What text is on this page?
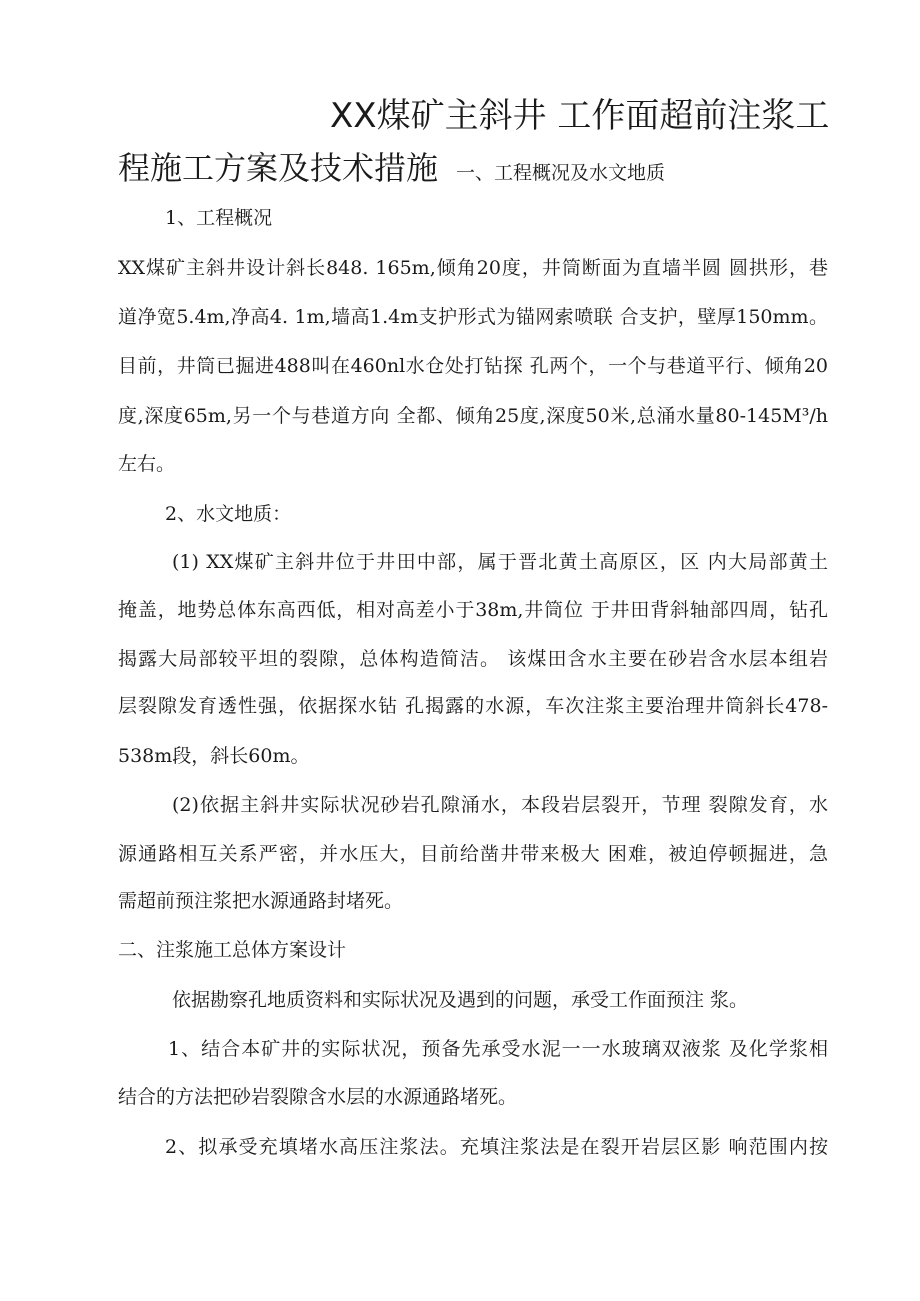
XX煤矿主斜井 工作面超前注浆工
程施工方案及技术措施 一、工程概况及水文地质
1、工程概况
XX煤矿主斜井设计斜长848. 165m,倾角20度，井筒断面为直墙半圆 圆拱形，巷
道净宽5.4m,净高4. 1m,墙高1.4m支护形式为锚网索喷联 合支护，壁厚150mm。
目前，井筒已掘进488叫在460nl水仓处打钻探 孔两个，一个与巷道平行、倾角20
度,深度65m,另一个与巷道方向 全都、倾角25度,深度50米,总涌水量80-145M³/h
左右。
2、水文地质：
(1) XX煤矿主斜井位于井田中部，属于晋北黄土高原区，区 内大局部黄土
掩盖，地势总体东高西低，相对高差小于38m,井筒位 于井田背斜轴部四周，钻孔
揭露大局部较平坦的裂隙，总体构造简洁。 该煤田含水主要在砂岩含水层本组岩
层裂隙发育透性强，依据探水钻 孔揭露的水源，车次注浆主要治理井筒斜长478-
538m段，斜长60m。
(2)依据主斜井实际状况砂岩孔隙涌水，本段岩层裂开，节理 裂隙发育，水
源通路相互关系严密，并水压大，目前给凿井带来极大 困难，被迫停顿掘进，急
需超前预注浆把水源通路封堵死。
二、注浆施工总体方案设计
依据勘察孔地质资料和实际状况及遇到的问题，承受工作面预注 浆。
1、结合本矿井的实际状况，预备先承受水泥一一水玻璃双液浆 及化学浆相
结合的方法把砂岩裂隙含水层的水源通路堵死。
2、拟承受充填堵水高压注浆法。充填注浆法是在裂开岩层区影 响范围内按
